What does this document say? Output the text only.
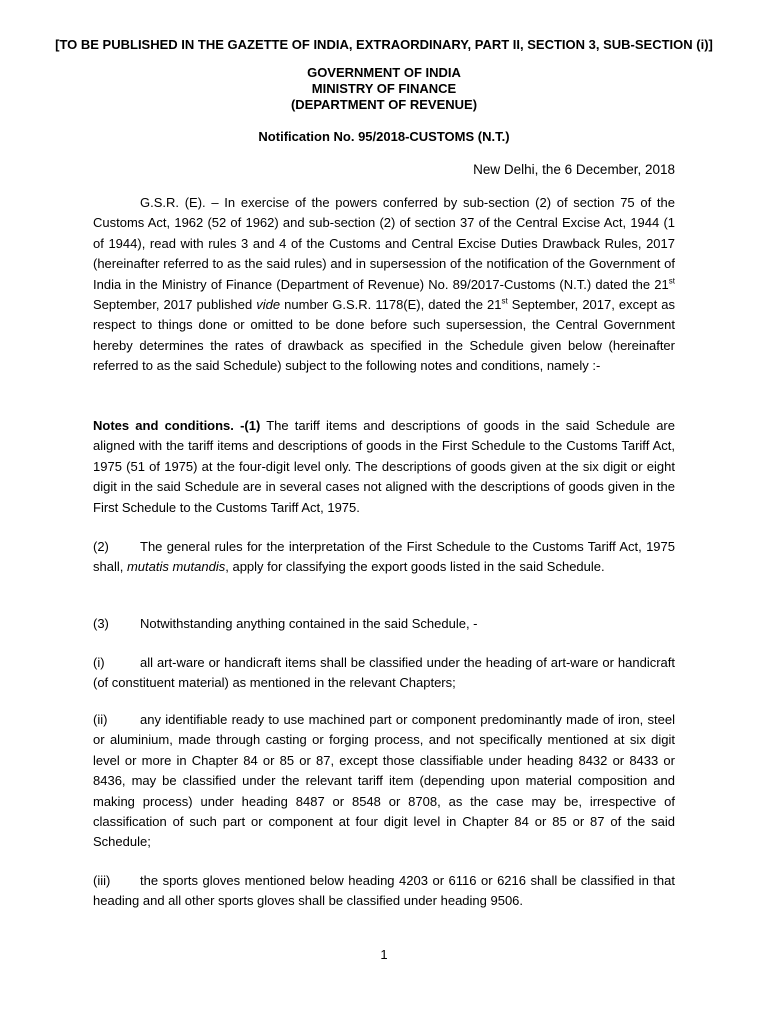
[TO BE PUBLISHED IN THE GAZETTE OF INDIA, EXTRAORDINARY, PART II, SECTION 3, SUB-SECTION (i)]
GOVERNMENT OF INDIA
MINISTRY OF FINANCE
(DEPARTMENT OF REVENUE)
Notification No. 95/2018-CUSTOMS (N.T.)
New Delhi, the 6 December, 2018
G.S.R. (E). – In exercise of the powers conferred by sub-section (2) of section 75 of the Customs Act, 1962 (52 of 1962) and sub-section (2) of section 37 of the Central Excise Act, 1944 (1 of 1944), read with rules 3 and 4 of the Customs and Central Excise Duties Drawback Rules, 2017 (hereinafter referred to as the said rules) and in supersession of the notification of the Government of India in the Ministry of Finance (Department of Revenue) No. 89/2017-Customs (N.T.) dated the 21st September, 2017 published vide number G.S.R. 1178(E), dated the 21st September, 2017, except as respect to things done or omitted to be done before such supersession, the Central Government hereby determines the rates of drawback as specified in the Schedule given below (hereinafter referred to as the said Schedule) subject to the following notes and conditions, namely :-
Notes and conditions. -(1) The tariff items and descriptions of goods in the said Schedule are aligned with the tariff items and descriptions of goods in the First Schedule to the Customs Tariff Act, 1975 (51 of 1975) at the four-digit level only. The descriptions of goods given at the six digit or eight digit in the said Schedule are in several cases not aligned with the descriptions of goods given in the First Schedule to the Customs Tariff Act, 1975.
(2) The general rules for the interpretation of the First Schedule to the Customs Tariff Act, 1975 shall, mutatis mutandis, apply for classifying the export goods listed in the said Schedule.
(3) Notwithstanding anything contained in the said Schedule, -
(i)	all art-ware or handicraft items shall be classified under the heading of art-ware or handicraft (of constituent material) as mentioned in the relevant Chapters;
(ii)	any identifiable ready to use machined part or component predominantly made of iron, steel or aluminium, made through casting or forging process, and not specifically mentioned at six digit level or more in Chapter 84 or 85 or 87, except those classifiable under heading 8432 or 8433 or 8436, may be classified under the relevant tariff item (depending upon material composition and making process) under heading 8487 or 8548 or 8708, as the case may be, irrespective of classification of such part or component at four digit level in Chapter 84 or 85 or 87 of the said Schedule;
(iii) the sports gloves mentioned below heading 4203 or 6116 or 6216 shall be classified in that heading and all other sports gloves shall be classified under heading 9506.
1
